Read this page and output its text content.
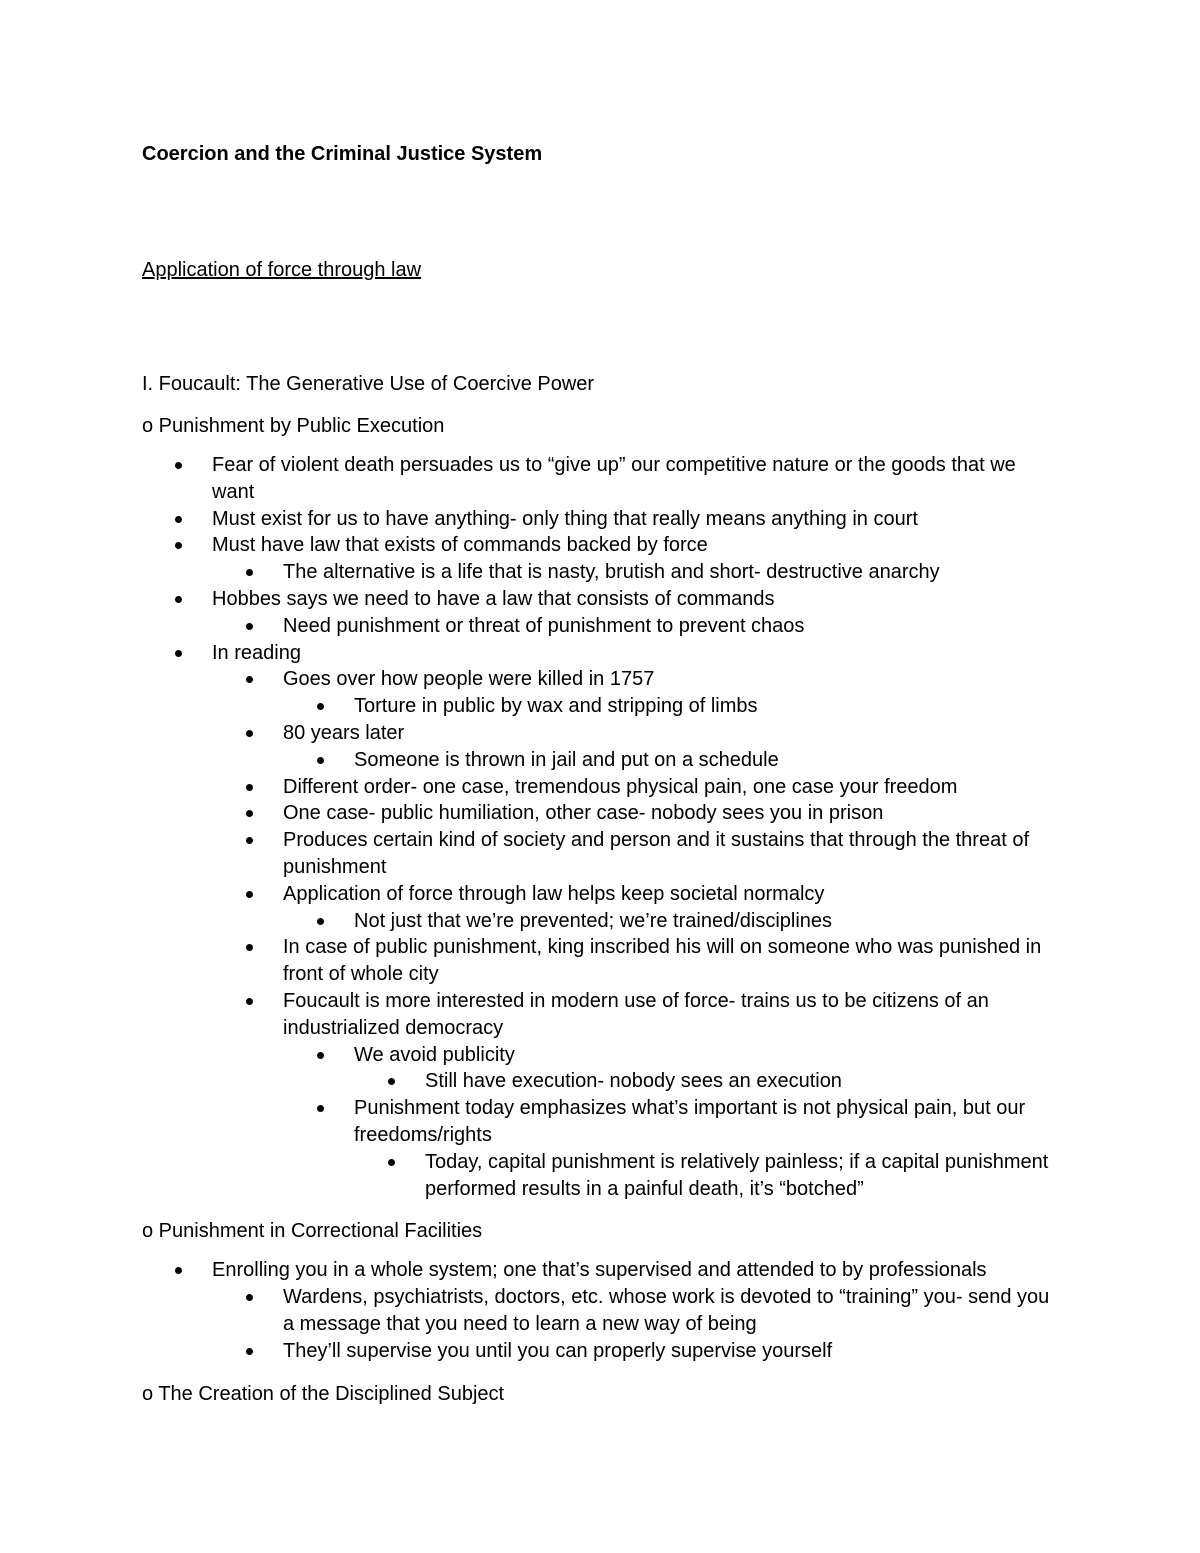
Coercion and the Criminal Justice System

Application of force through law

I. Foucault: The Generative Use of Coercive Power

o Punishment by Public Execution

Fear of violent death persuades us to “give up” our competitive nature or the goods that we want
Must exist for us to have anything- only thing that really means anything in court
Must have law that exists of commands backed by force
The alternative is a life that is nasty, brutish and short- destructive anarchy
Hobbes says we need to have a law that consists of commands
Need punishment or threat of punishment to prevent chaos
In reading
Goes over how people were killed in 1757
Torture in public by wax and stripping of limbs
80 years later
Someone is thrown in jail and put on a schedule
Different order- one case, tremendous physical pain, one case your freedom
One case- public humiliation, other case- nobody sees you in prison
Produces certain kind of society and person and it sustains that through the threat of punishment
Application of force through law helps keep societal normalcy
Not just that we’re prevented; we’re trained/disciplines
In case of public punishment, king inscribed his will on someone who was punished in front of whole city
Foucault is more interested in modern use of force- trains us to be citizens of an industrialized democracy
We avoid publicity
Still have execution- nobody sees an execution
Punishment today emphasizes what’s important is not physical pain, but our freedoms/rights
Today, capital punishment is relatively painless; if a capital punishment performed results in a painful death, it’s “botched”

o Punishment in Correctional Facilities

Enrolling you in a whole system; one that’s supervised and attended to by professionals
Wardens, psychiatrists, doctors, etc. whose work is devoted to “training” you- send you a message that you need to learn a new way of being
They’ll supervise you until you can properly supervise yourself

o The Creation of the Disciplined Subject
